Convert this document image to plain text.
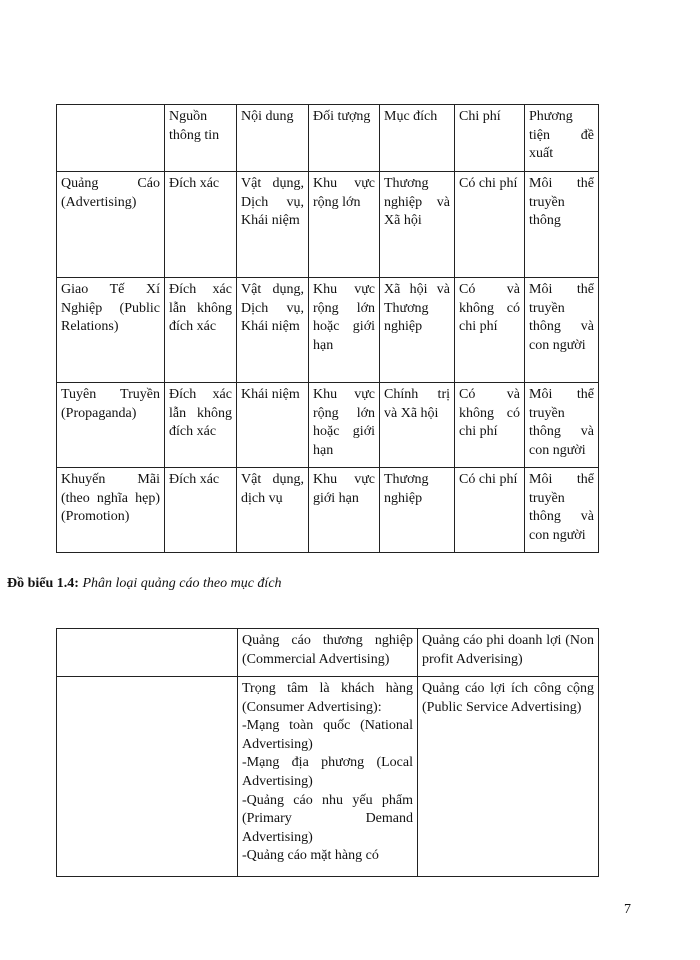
	Nguồn thông tin	Nội dung	Đối tượng	Mục đích	Chi phí	Phương tiện đề xuất
Quảng Cáo (Advertising)	Đích xác	Vật dụng, Dịch vụ, Khái niệm	Khu vực rộng lớn	Thương nghiệp và Xã hội	Có chi phí	Môi thể truyền thông
Giao Tế Xí Nghiệp (Public Relations)	Đích xác lẫn không đích xác	Vật dụng, Dịch vụ, Khái niệm	Khu vực rộng lớn hoặc giới hạn	Xã hội và Thương nghiệp	Có và không có chi phí	Môi thể truyền thông và con người
Tuyên Truyền (Propaganda)	Đích xác lẫn không đích xác	Khái niệm	Khu vực rộng lớn hoặc giới hạn	Chính trị và Xã hội	Có và không có chi phí	Môi thể truyền thông và con người
Khuyến Mãi (theo nghĩa hẹp) (Promotion)	Đích xác	Vật dụng, dịch vụ	Khu vực giới hạn	Thương nghiệp	Có chi phí	Môi thể truyền thông và con người
Đồ biểu 1.4: Phân loại quảng cáo theo mục đích
	Quảng cáo thương nghiệp (Commercial Advertising)	Quảng cáo phi doanh lợi (Non profit Adverising)

	Trọng tâm là khách hàng (Consumer Advertising):
-Mạng toàn quốc (National Advertising)
-Mạng địa phương (Local Advertising)
-Quảng cáo nhu yếu phẩm (Primary Demand Advertising)
-Quảng cáo mặt hàng có	Quảng cáo lợi ích công cộng (Public Service Advertising)
7
